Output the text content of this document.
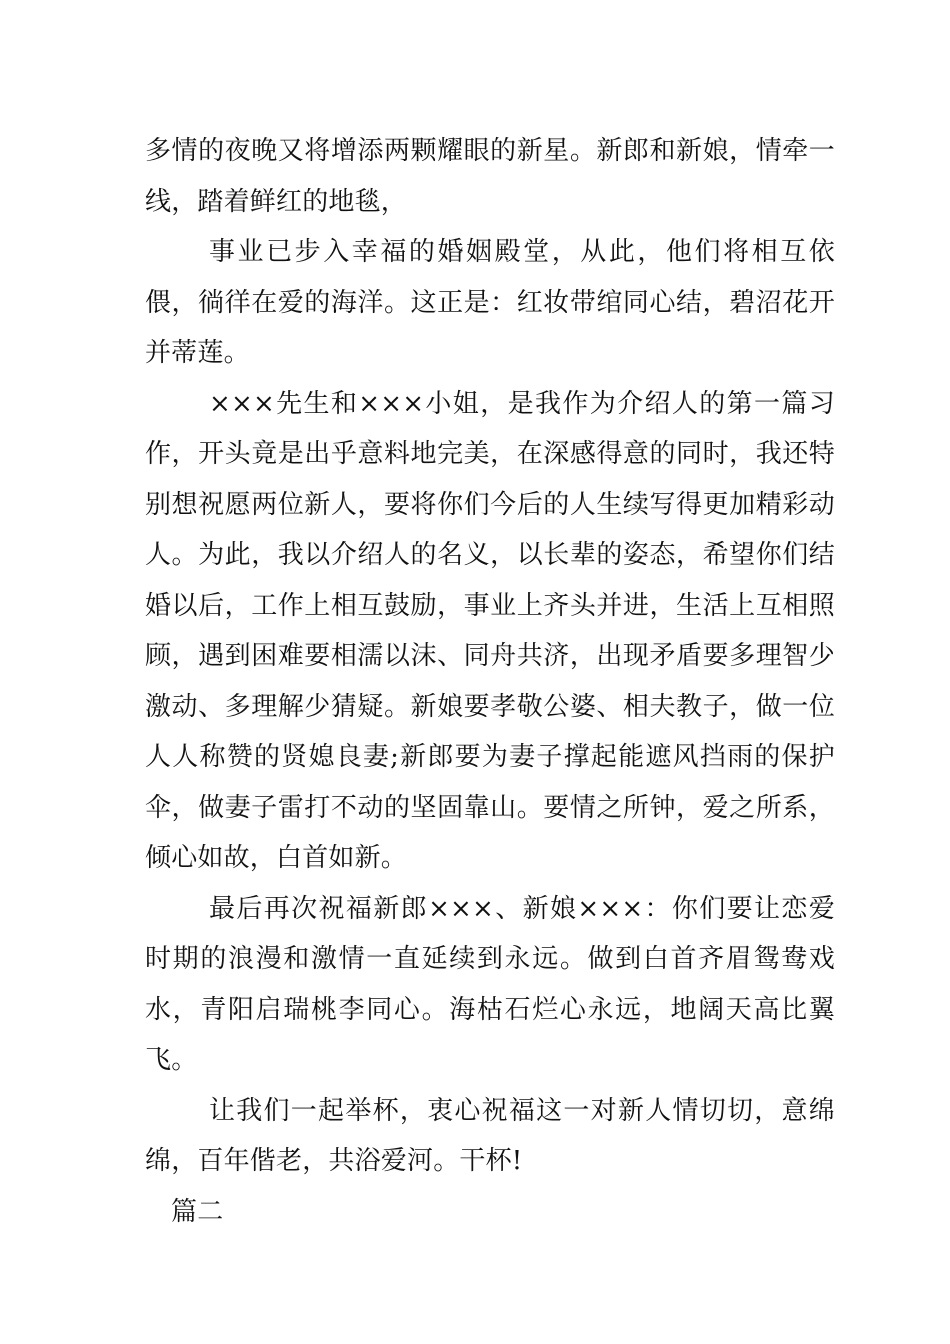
多情的夜晚又将增添两颗耀眼的新星。新郎和新娘，情牵一线，踏着鲜红的地毯，

事业已步入幸福的婚姻殿堂，从此，他们将相互依偎，徜徉在爱的海洋。这正是：红妆带绾同心结，碧沼花开并蒂莲。

×××先生和×××小姐，是我作为介绍人的第一篇习作，开头竟是出乎意料地完美，在深感得意的同时，我还特别想祝愿两位新人，要将你们今后的人生续写得更加精彩动人。为此，我以介绍人的名义，以长辈的姿态，希望你们结婚以后，工作上相互鼓励，事业上齐头并进，生活上互相照顾，遇到困难要相濡以沫、同舟共济，出现矛盾要多理智少激动、多理解少猜疑。新娘要孝敬公婆、相夫教子，做一位人人称赞的贤媳良妻;新郎要为妻子撑起能遮风挡雨的保护伞，做妻子雷打不动的坚固靠山。要情之所钟，爱之所系，倾心如故，白首如新。

最后再次祝福新郎×××、新娘×××：你们要让恋爱时期的浪漫和激情一直延续到永远。做到白首齐眉鸳鸯戏水，青阳启瑞桃李同心。海枯石烂心永远，地阔天高比翼飞。

让我们一起举杯，衷心祝福这一对新人情切切，意绵绵，百年偕老，共浴爱河。干杯!

篇二
